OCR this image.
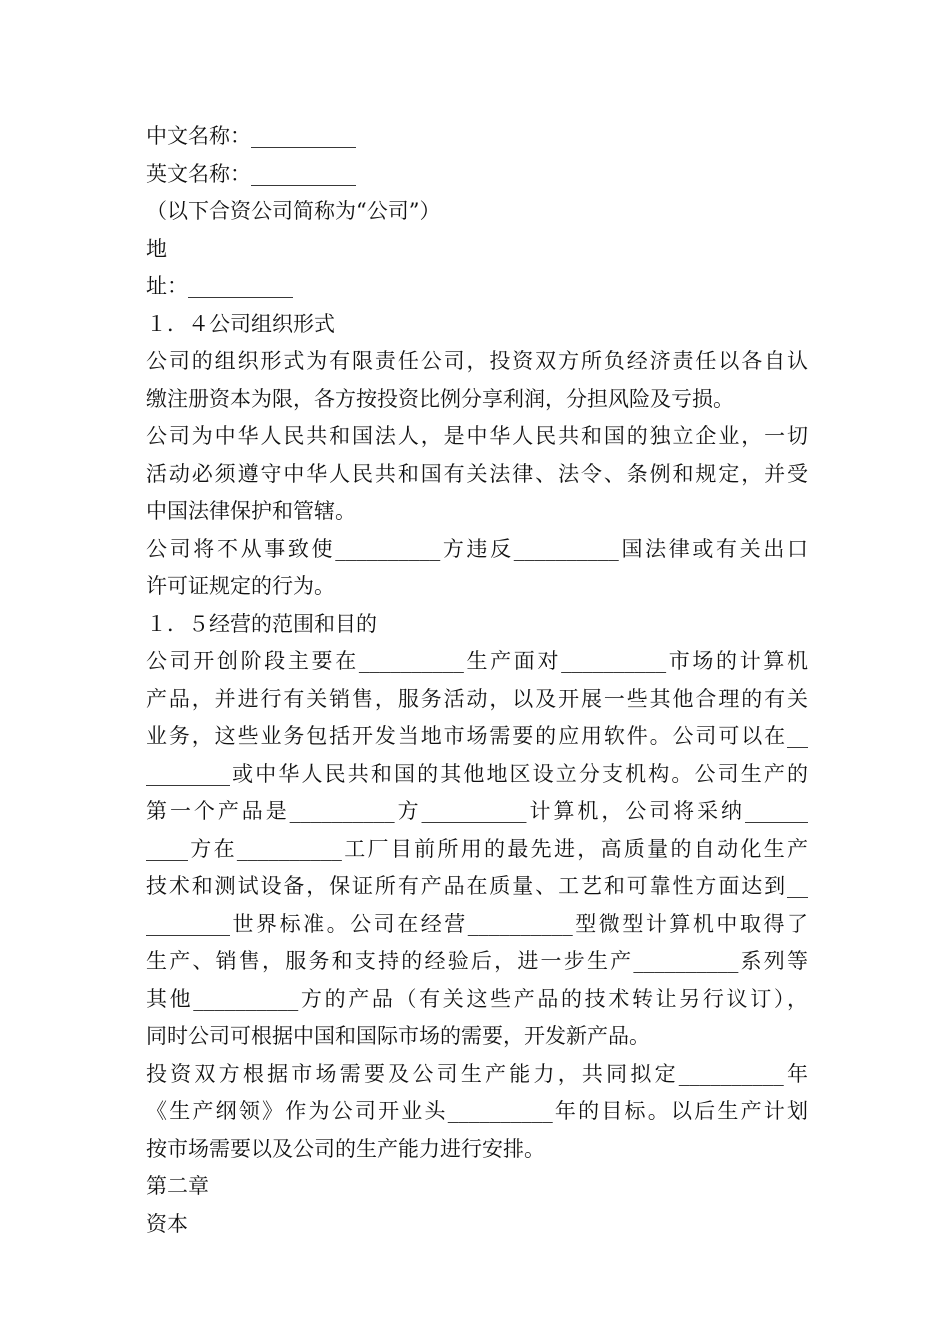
中文名称：__________
英文名称：__________
（以下合资公司简称为“公司”）
地
址：__________
１．４公司组织形式
公司的组织形式为有限责任公司，投资双方所负经济责任以各自认
缴注册资本为限，各方按投资比例分享利润，分担风险及亏损。
公司为中华人民共和国法人，是中华人民共和国的独立企业，一切
活动必须遵守中华人民共和国有关法律、法令、条例和规定，并受
中国法律保护和管辖。
公司将不从事致使__________方违反__________国法律或有关出口
许可证规定的行为。
１．５经营的范围和目的
公司开创阶段主要在__________生产面对__________市场的计算机
产品，并进行有关销售，服务活动，以及开展一些其他合理的有关
业务，这些业务包括开发当地市场需要的应用软件。公司可以在__
________或中华人民共和国的其他地区设立分支机构。公司生产的
第一个产品是__________方__________计算机，公司将采纳______
____方在__________工厂目前所用的最先进，高质量的自动化生产
技术和测试设备，保证所有产品在质量、工艺和可靠性方面达到__
________世界标准。公司在经营__________型微型计算机中取得了
生产、销售，服务和支持的经验后，进一步生产__________系列等
其他__________方的产品（有关这些产品的技术转让另行议订），
同时公司可根据中国和国际市场的需要，开发新产品。
投资双方根据市场需要及公司生产能力，共同拟定__________年
《生产纲领》作为公司开业头__________年的目标。以后生产计划
按市场需要以及公司的生产能力进行安排。
第二章
资本
